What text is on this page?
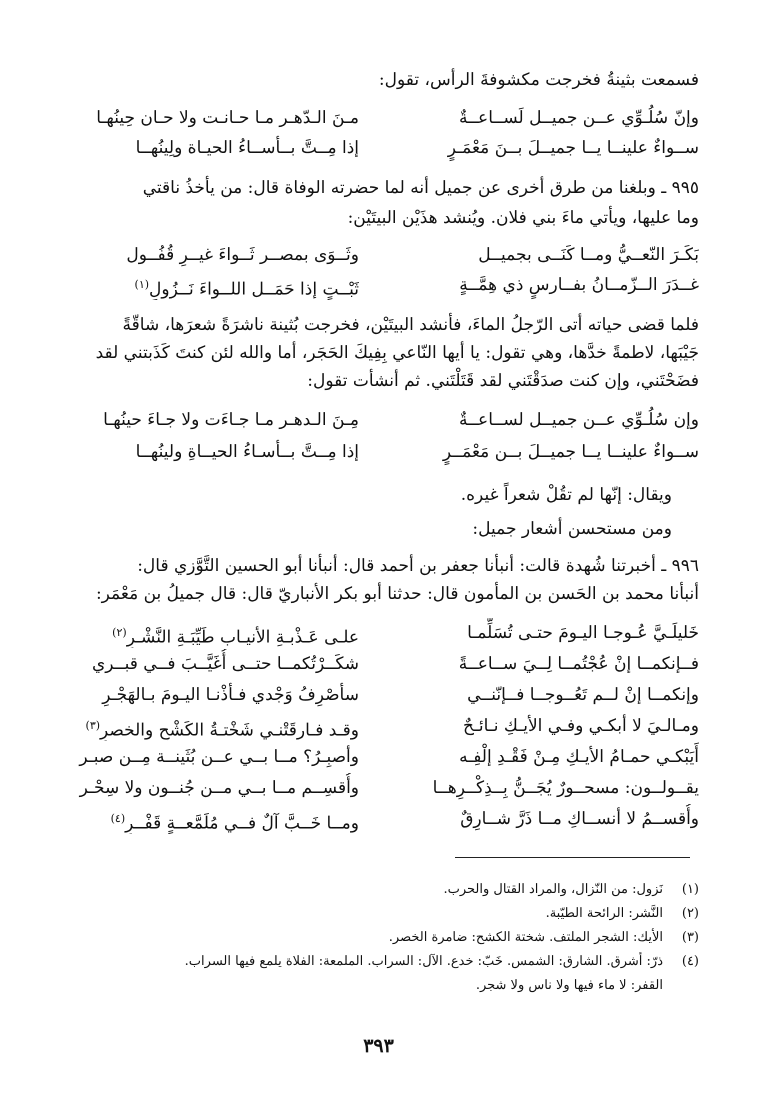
فسمعت بثينةُ فخرجت مكشوفةَ الرأس، تقول:

وإنّ سُلُـوِّي عــن جميــل لَســاعــةٌ
مـنَ الـدّهـر مـا حـانـت ولا حـان حِينُهـا
ســواءٌ علينــا يــا جميــلَ بــنَ مَعْمَـرٍ
إذا مِــتَّ بــأســاءُ الحيـاة ولِينُهــا

٩٩٥ ـ وبلغنا من طرق أخرى عن جميل أنه لما حضرته الوفاة قال: من يأخذُ ناقتي

وما عليها، ويأتي ماءَ بني فلان. ويُنشد هذَيْن البيتَيْن:

بَكَـرَ النّعــيُّ ومــا كَنَــى بجميــل
وثَــوَى بمصــر ثَــواءَ غيــرِ قُفُــول
غــدَرَ الــزّمــانُ بفــارسٍ ذي هِمَّــةٍ
ثَبْــتٍ إذا حَمَــل اللــواءَ نَــزُولِ$^{(١)}$

فلما قضى حياته أتى الرّجلُ الماءَ، فأنشد البيتَيْن، فخرجت بُثينة ناشرَةً شعرَها، شاقّةً

جَيْبَها، لاطمةً خدَّها، وهي تقول: يا أيها النّاعي بِفِيكَ الحَجَر، أما والله لئن كنتَ كَذَبتني لقد

فضَحْتَني، وإن كنت صدَقْتَني لقد قَتَلْتَني. ثم أنشأت تقول:

وإن سُلُـوِّي عــن جميــل لســاعــةٌ
مِـنَ الـدهـر مـا جـاءَت ولا جـاءَ حينُهـا
ســواءٌ علينــا يــا جميــلَ بــن مَعْمَــرٍ
إذا مِــتَّ بــأسـاءُ الحيــاةِ ولينُهــا

ويقال: إنّها لم تقُلْ شعراً غيره.

ومن مستحسن أشعار جميل:

٩٩٦ ـ أخبرتنا شُهدة قالت: أنبأنا جعفر بن أحمد قال: أنبأنا أبو الحسين التَّوَّزي قال:

أنبأنا محمد بن الحَسن بن المأمون قال: حدثنا أبو بكر الأنباريّ قال: قال جميلُ بن مَعْمَر:

خَليلَـيَّ عُـوجـا اليـومَ حتـى تُسَلِّمـا
علـى عَـذْبـةِ الأنيـاب طَيِّبَـةِ النَّشْـرِ$^{(٢)}$
فــإنكمــا إنْ عُجْتُمــا لِــيَ ســاعــةً
شكَــرْتُكمــا حتــى أُغَيَّــبَ فــي قبــري
وإنكمــا إنْ لــم تَعُــوجــا فــإنّنــي
سأصْرِفُ وَجْدي فـأذْنـا اليـومَ بـالهَجْـرِ
ومـالـيَ لا أبكـي وفـي الأيـكِ نـائـحٌ
وقـد فـارقَتْنـي شَخْتـةُ الكَشْحِ والخصرِ$^{(٣)}$
أَيَبْكـي حمـامُ الأيـكِ مِـنْ فَقْـدِ إلْفِـه
وأصبِـرُ؟ مــا بــي عــن بُثَينــة مِــن صبـر
يقــولــون: مسحــورٌ يُجَــنُّ بِــذِكْــرِهــا
وأُقسِــم مــا بــي مــن جُنــون ولا سِحْـر
وأُقســمُ لا أنســاكِ مــا ذَرَّ شــارِقٌ
ومــا خَــبَّ آلٌ فــي مُلَمَّعــةٍ قَفْــرِ$^{(٤)}$
(١)نَزول: من النّزال، والمراد القتال والحرب.
(٢)النَّشر: الرائحة الطيّبة.
(٣)الأيك: الشجر الملتف. شختة الكشح: ضامرة الخصر.
(٤)ذرّ: أشرق. الشارق: الشمس. خَبّ: خدع. الآل: السراب. الملمعة: الفلاة يلمع فيها السراب.
القفر: لا ماء فيها ولا ناس ولا شجر.
٣٩٣
